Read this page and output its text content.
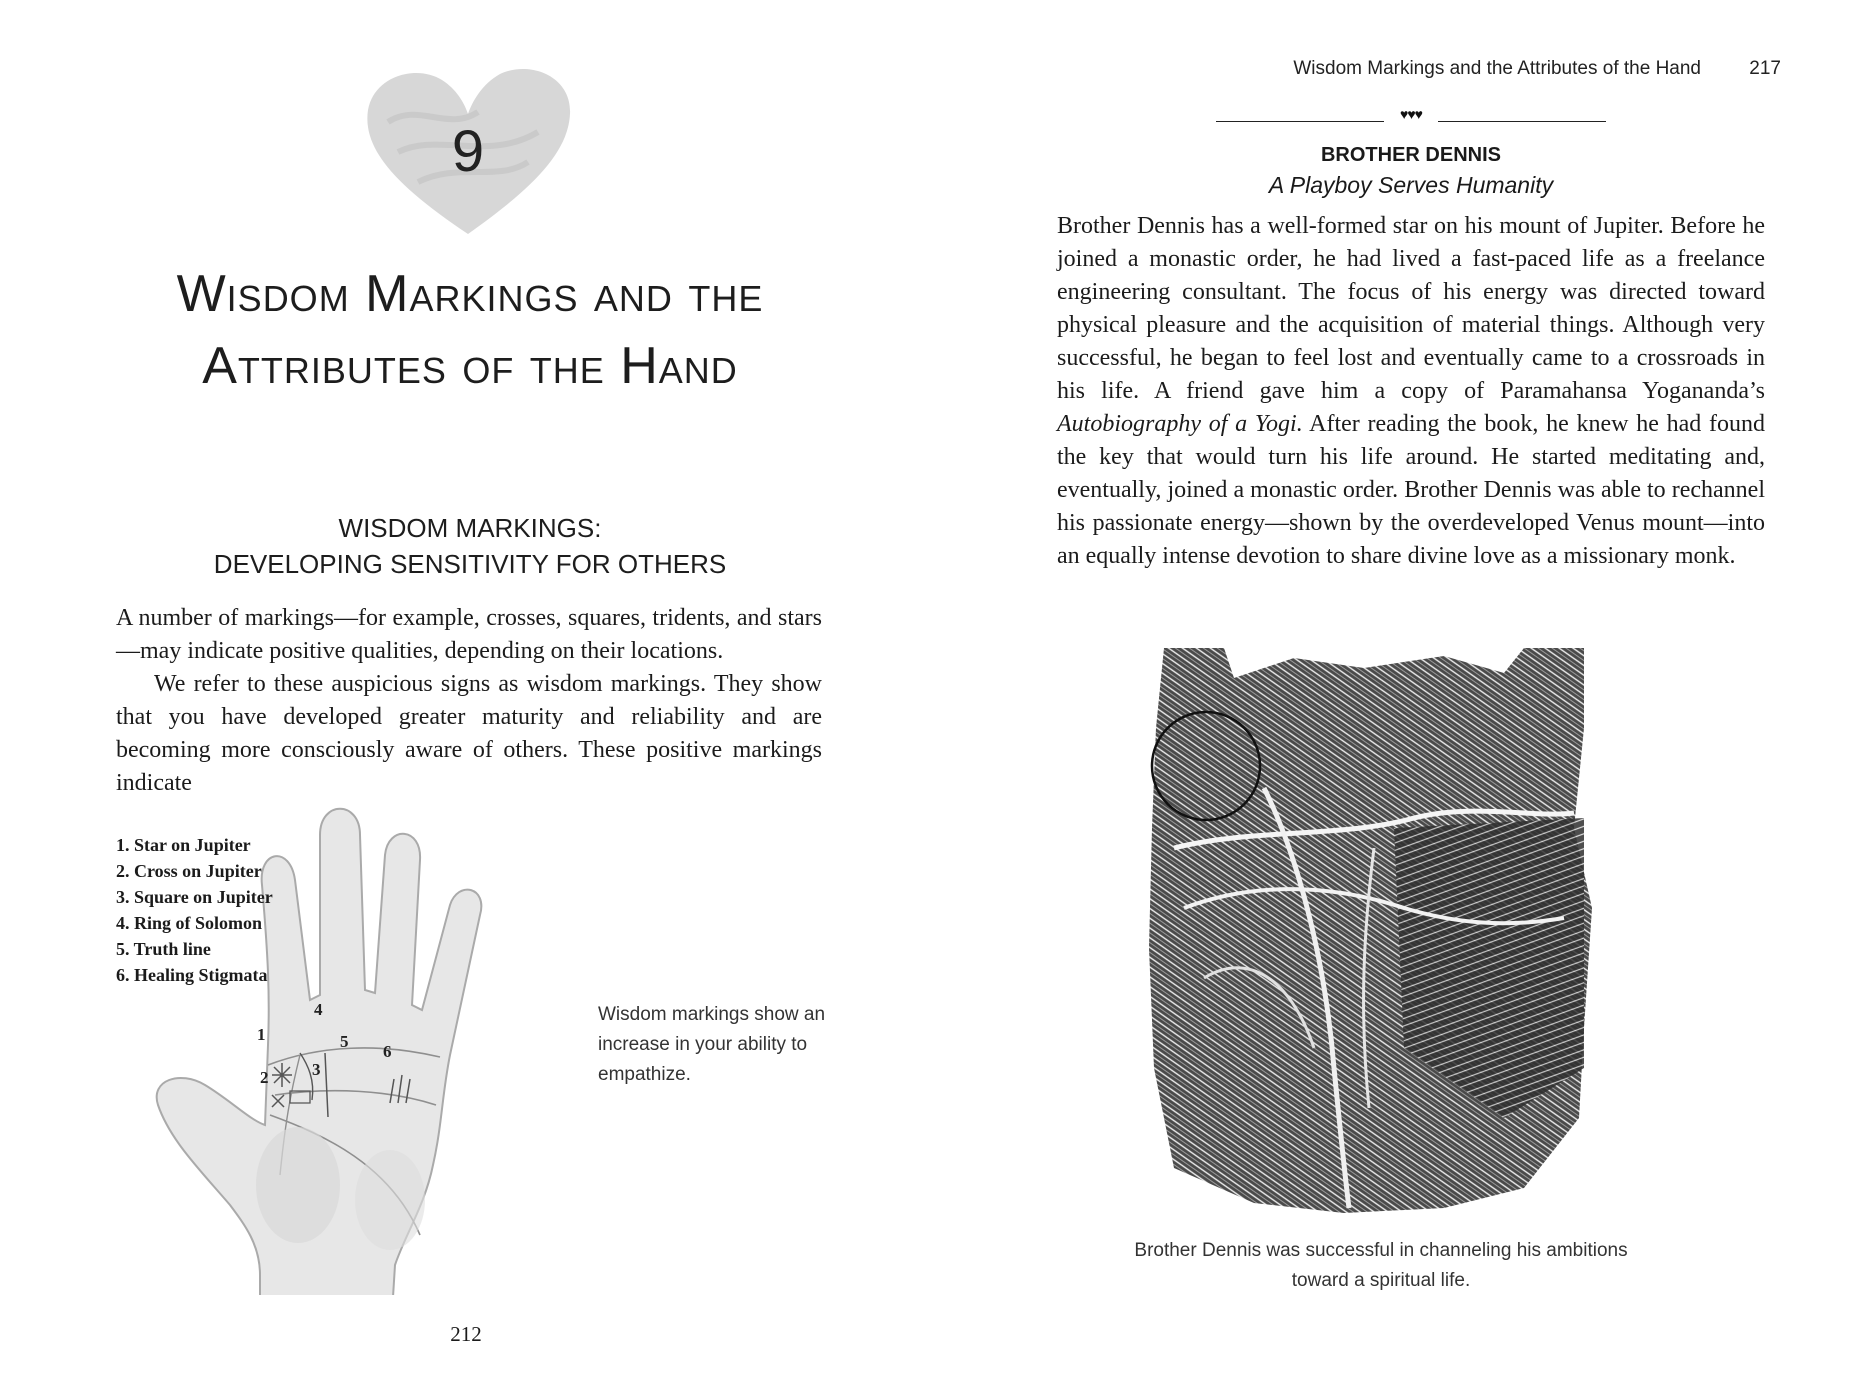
9
Wisdom Markings and the
Attributes of the Hand
WISDOM MARKINGS:
DEVELOPING SENSITIVITY FOR OTHERS

A number of markings—for example, crosses, squares, tridents, and stars—may indicate positive qualities, depending on their locations.

We refer to these auspicious signs as wisdom markings. They show that you have developed greater maturity and reliability and are becoming more consciously aware of others. These positive markings indicate

1. Star on Jupiter
2. Cross on Jupiter
3. Square on Jupiter
4. Ring of Solomon
5. Truth line
6. Healing Stigmata
1
2	3
4
5
6
Wisdom markings show an increase in your ability to empathize.
212
Wisdom Markings and the Attributes of the Hand	217
♥♥♥
BROTHER DENNIS
A Playboy Serves Humanity

Brother Dennis has a well-formed star on his mount of Jupiter. Before he joined a monastic order, he had lived a fast-paced life as a freelance engineering consultant. The focus of his energy was directed toward physical pleasure and the acquisition of material things. Although very successful, he began to feel lost and eventually came to a crossroads in his life. A friend gave him a copy of Paramahansa Yogananda’s Autobiography of a Yogi. After reading the book, he knew he had found the key that would turn his life around. He started meditating and, eventually, joined a monastic order. Brother Dennis was able to rechannel his passionate energy—shown by the overdeveloped Venus mount—into an equally intense devotion to share divine love as a missionary monk.

Brother Dennis was successful in channeling his ambitions
toward a spiritual life.
